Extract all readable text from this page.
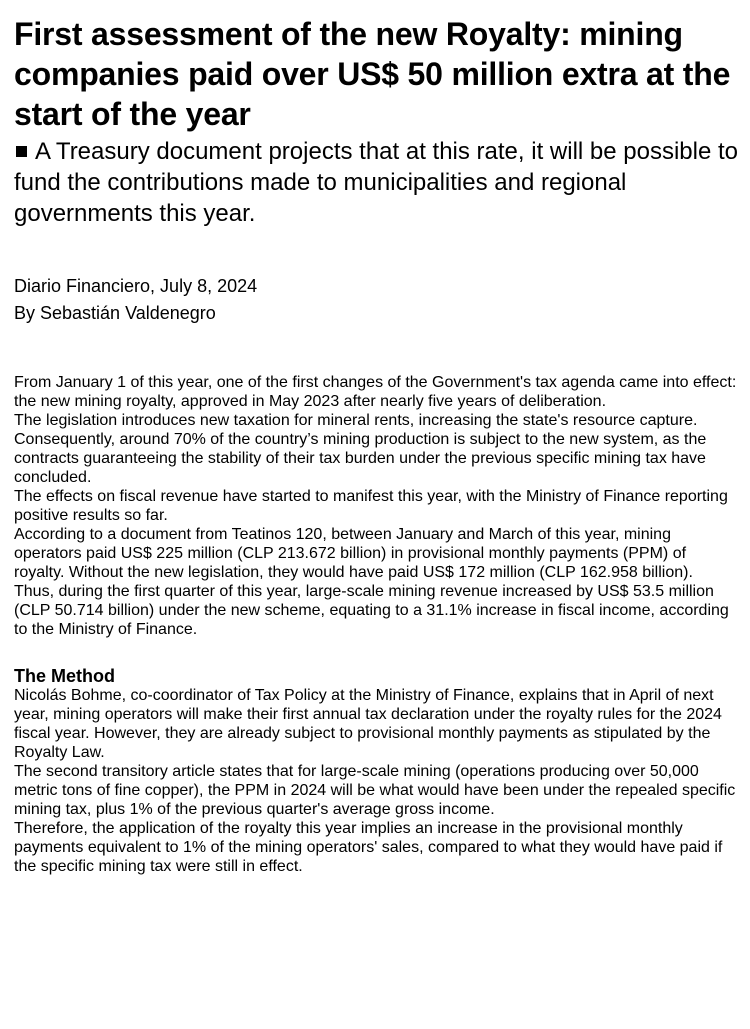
First assessment of the new Royalty: mining companies paid over US$ 50 million extra at the start of the year

A Treasury document projects that at this rate, it will be possible to fund the contributions made to municipalities and regional governments this year.

Diario Financiero, July 8, 2024
By Sebastián Valdenegro

From January 1 of this year, one of the first changes of the Government's tax agenda came into effect: the new mining royalty, approved in May 2023 after nearly five years of deliberation.

The legislation introduces new taxation for mineral rents, increasing the state's resource capture. Consequently, around 70% of the country’s mining production is subject to the new system, as the contracts guaranteeing the stability of their tax burden under the previous specific mining tax have concluded.

The effects on fiscal revenue have started to manifest this year, with the Ministry of Finance reporting positive results so far.

According to a document from Teatinos 120, between January and March of this year, mining operators paid US$ 225 million (CLP 213.672 billion) in provisional monthly payments (PPM) of royalty. Without the new legislation, they would have paid US$ 172 million (CLP 162.958 billion).

Thus, during the first quarter of this year, large-scale mining revenue increased by US$ 53.5 million (CLP 50.714 billion) under the new scheme, equating to a 31.1% increase in fiscal income, according to the Ministry of Finance.

The Method

Nicolás Bohme, co-coordinator of Tax Policy at the Ministry of Finance, explains that in April of next year, mining operators will make their first annual tax declaration under the royalty rules for the 2024 fiscal year. However, they are already subject to provisional monthly payments as stipulated by the Royalty Law.

The second transitory article states that for large-scale mining (operations producing over 50,000 metric tons of fine copper), the PPM in 2024 will be what would have been under the repealed specific mining tax, plus 1% of the previous quarter's average gross income.

Therefore, the application of the royalty this year implies an increase in the provisional monthly payments equivalent to 1% of the mining operators' sales, compared to what they would have paid if the specific mining tax were still in effect.
